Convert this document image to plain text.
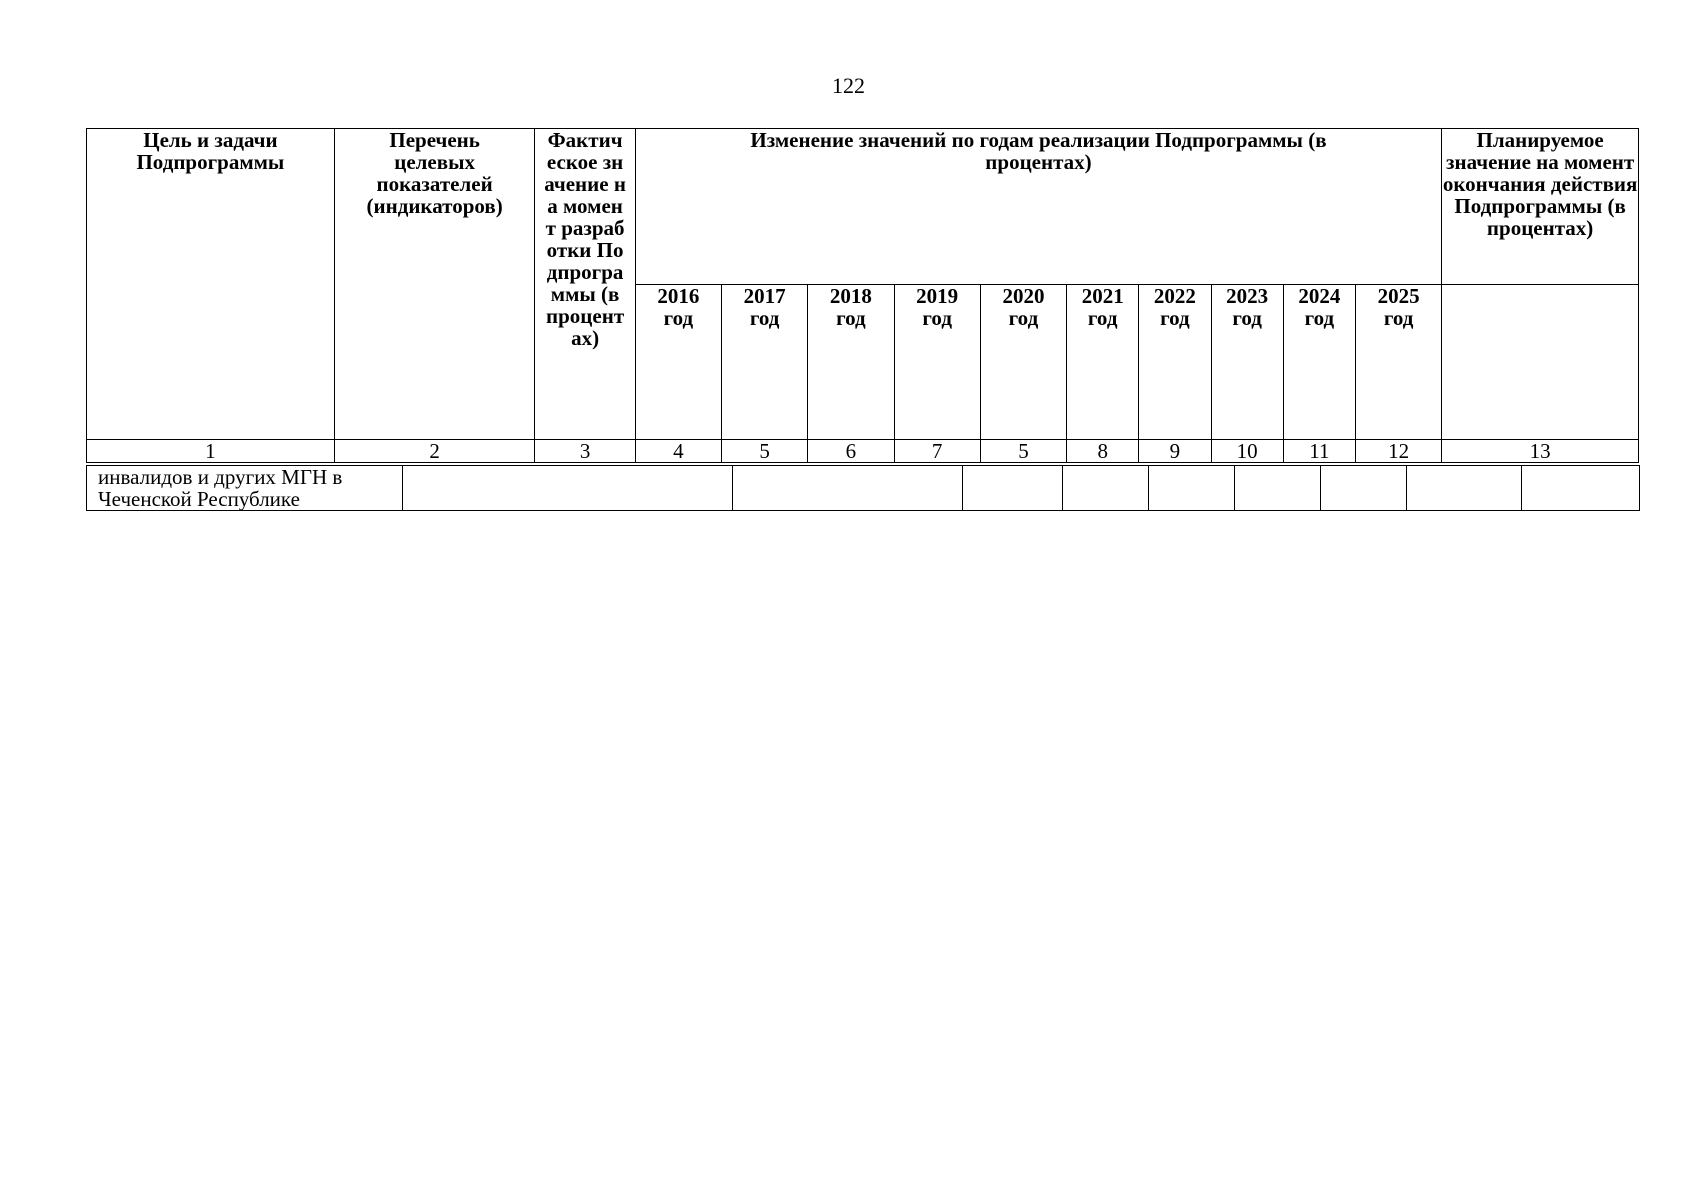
122
Цель и задачи Подпрограммы	Перечень целевых показателей (индикаторов)	Фактическое значение на момент разработки Подпрограммы (в процентах)	Изменение значений по годам реализации Подпрограммы (в процентах)										Планируемое значение на момент окончания действия Подпрограммы (в процентах)
			2016 год	2017 год	2018 год	2019 год	2020 год	2021 год	2022 год	2023 год	2024 год	2025 год	
1	2	3	4	5	6	7	5	8	9	10	11	12	13
инвалидов и других МГН в
Чеченской Республике
